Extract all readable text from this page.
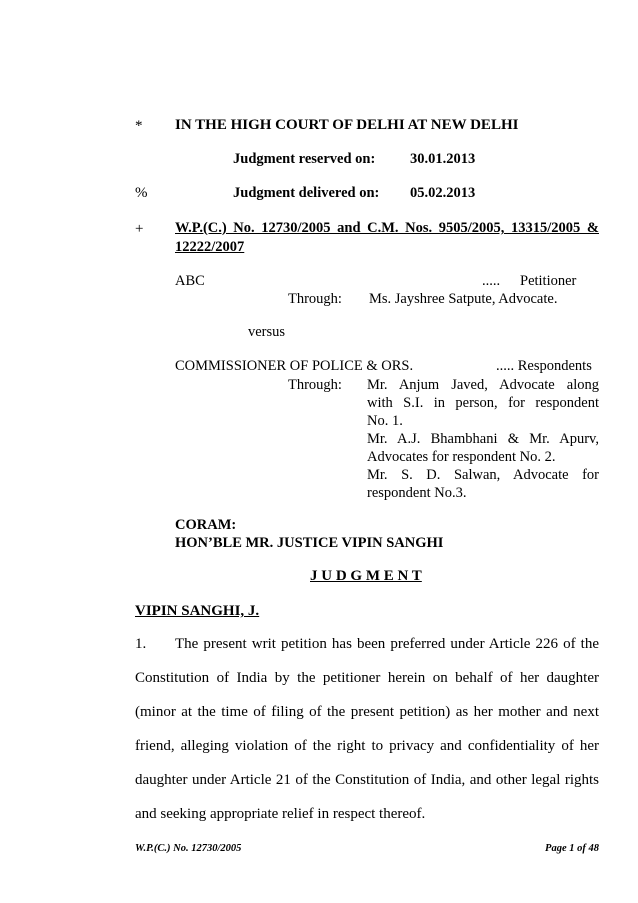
* IN THE HIGH COURT OF DELHI AT NEW DELHI
Judgment reserved on: 30.01.2013
%	Judgment delivered on: 05.02.2013
+ W.P.(C.) No. 12730/2005 and C.M. Nos. 9505/2005, 13315/2005 &
12222/2007
ABC	..... Petitioner
Through: Ms. Jayshree Satpute, Advocate.
versus
COMMISSIONER OF POLICE & ORS.	..... Respondents
Through: Mr. Anjum Javed, Advocate along
with S.I. in person, for respondent
No. 1.
Mr. A.J. Bhambhani & Mr. Apurv,
Advocates for respondent No. 2.
Mr. S. D. Salwan, Advocate for
respondent No.3.
CORAM:
HON’BLE MR. JUSTICE VIPIN SANGHI
J U D G M E N T
VIPIN SANGHI, J.
1. The present writ petition has been preferred under Article 226 of the
Constitution of India by the petitioner herein on behalf of her daughter
(minor at the time of filing of the present petition) as her mother and next
friend, alleging violation of the right to privacy and confidentiality of her
daughter under Article 21 of the Constitution of India, and other legal rights
and seeking appropriate relief in respect thereof.
W.P.(C.) No. 12730/2005	Page 1 of 48
